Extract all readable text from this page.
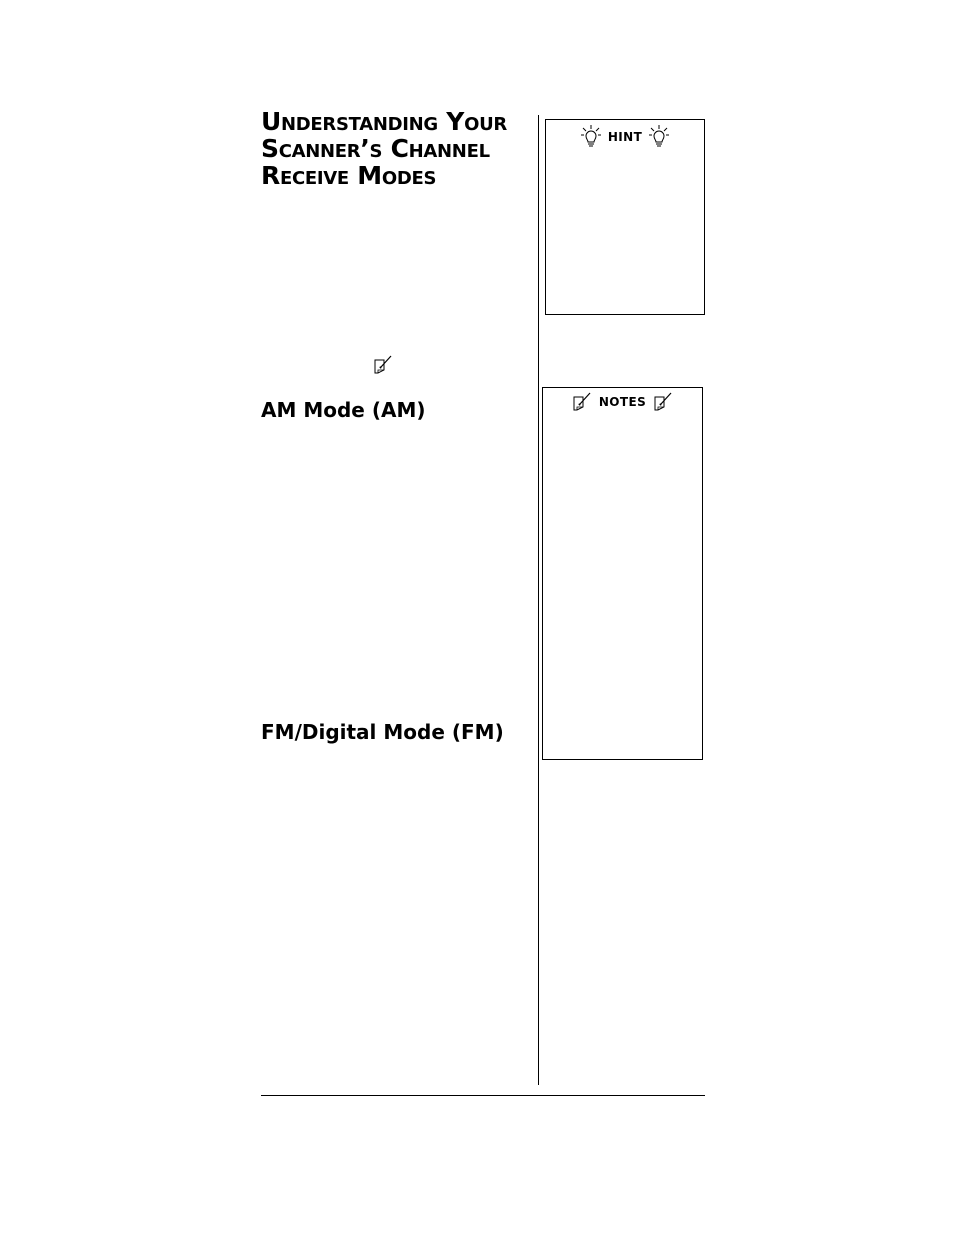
Understanding Your
Scanner’s Channel
Receive Modes
AM Mode (AM)
FM/Digital Mode (FM)
HINT
NOTES
